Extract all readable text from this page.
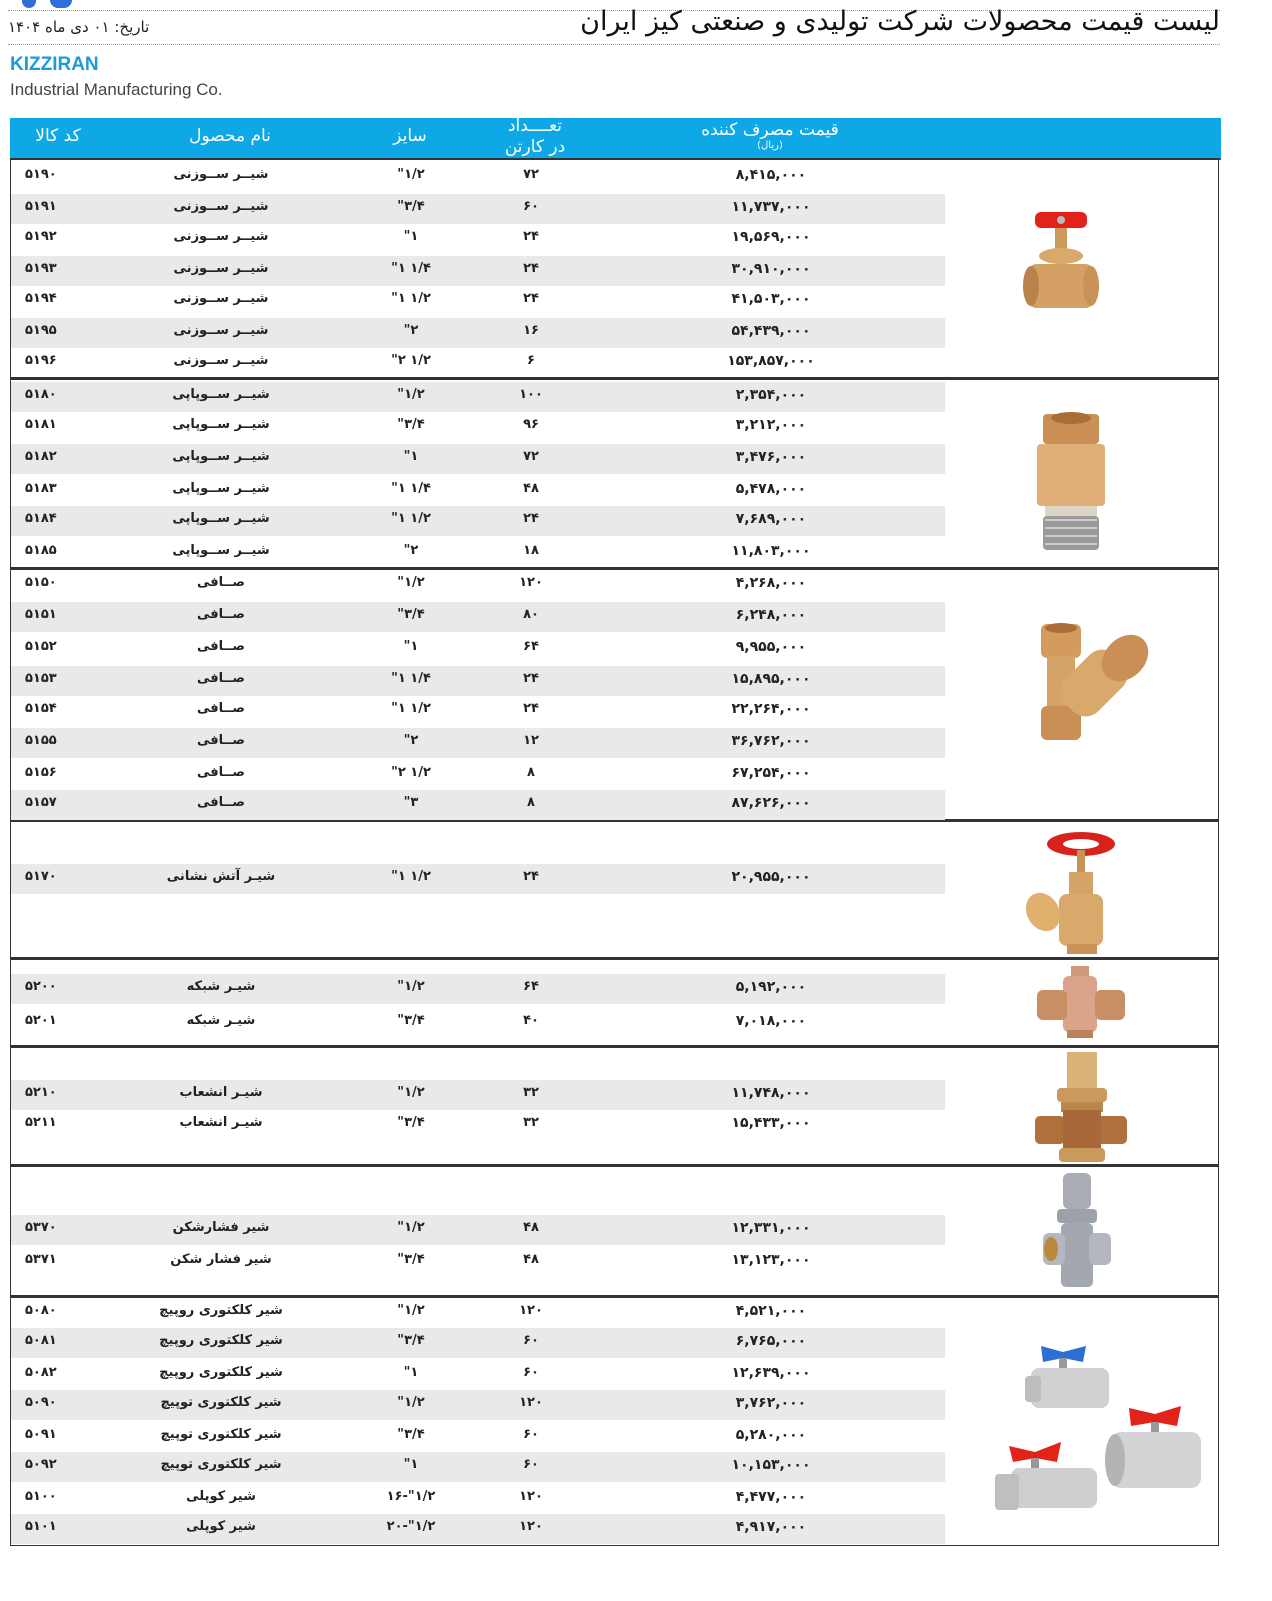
لیست قیمت محصولات شرکت تولیدی و صنعتی کیز ایران
تاریخ: ۰۱ دی ماه ۱۴۰۴
KIZZIRAN
Industrial Manufacturing Co.
کد کالا	نام محصول	سایز	تعــــداد
در کارتن
قیمت مصرف کننده
(ریال)
۵۱۹۰	شیــر ســوزنی	"۱/۲	۷۲	۸,۴۱۵,۰۰۰
۵۱۹۱	شیــر ســوزنی	"۳/۴	۶۰	۱۱,۷۳۷,۰۰۰
۵۱۹۲	شیــر ســوزنی	"۱	۲۴	۱۹,۵۶۹,۰۰۰
۵۱۹۳	شیــر ســوزنی	"۱ ۱/۴	۲۴	۳۰,۹۱۰,۰۰۰
۵۱۹۴	شیــر ســوزنی	"۱ ۱/۲	۲۴	۴۱,۵۰۳,۰۰۰
۵۱۹۵	شیــر ســوزنی	"۲	۱۶	۵۴,۴۳۹,۰۰۰
۵۱۹۶	شیــر ســوزنی	"۲ ۱/۲	۶	۱۵۳,۸۵۷,۰۰۰
۵۱۸۰	شیــر ســوپاپی	"۱/۲	۱۰۰	۲,۳۵۴,۰۰۰
۵۱۸۱	شیــر ســوپاپی	"۳/۴	۹۶	۳,۲۱۲,۰۰۰
۵۱۸۲	شیــر ســوپاپی	"۱	۷۲	۳,۴۷۶,۰۰۰
۵۱۸۳	شیــر ســوپاپی	"۱ ۱/۴	۴۸	۵,۴۷۸,۰۰۰
۵۱۸۴	شیــر ســوپاپی	"۱ ۱/۲	۲۴	۷,۶۸۹,۰۰۰
۵۱۸۵	شیــر ســوپاپی	"۲	۱۸	۱۱,۸۰۳,۰۰۰
۵۱۵۰	صــافی	"۱/۲	۱۲۰	۴,۲۶۸,۰۰۰
۵۱۵۱	صــافی	"۳/۴	۸۰	۶,۲۴۸,۰۰۰
۵۱۵۲	صــافی	"۱	۶۴	۹,۹۵۵,۰۰۰
۵۱۵۳	صــافی	"۱ ۱/۴	۲۴	۱۵,۸۹۵,۰۰۰
۵۱۵۴	صــافی	"۱ ۱/۲	۲۴	۲۲,۲۶۴,۰۰۰
۵۱۵۵	صــافی	"۲	۱۲	۳۶,۷۶۲,۰۰۰
۵۱۵۶	صــافی	"۲ ۱/۲	۸	۶۷,۲۵۴,۰۰۰
۵۱۵۷	صــافی	"۳	۸	۸۷,۶۲۶,۰۰۰
۵۱۷۰	شیـر آتش نشانی	"۱ ۱/۲	۲۴	۲۰,۹۵۵,۰۰۰
۵۲۰۰	شیـر شبکه	"۱/۲	۶۴	۵,۱۹۲,۰۰۰
۵۲۰۱	شیـر شبکه	"۳/۴	۴۰	۷,۰۱۸,۰۰۰
۵۲۱۰	شیـر انشعاب	"۱/۲	۳۲	۱۱,۷۴۸,۰۰۰
۵۲۱۱	شیـر انشعاب	"۳/۴	۳۲	۱۵,۴۳۳,۰۰۰
۵۳۷۰	شیر فشارشکن	"۱/۲	۴۸	۱۲,۳۳۱,۰۰۰
۵۳۷۱	شیر فشار شکن	"۳/۴	۴۸	۱۳,۱۲۳,۰۰۰
۵۰۸۰	شیر کلکتوری روپیچ	"۱/۲	۱۲۰	۴,۵۲۱,۰۰۰
۵۰۸۱	شیر کلکتوری روپیچ	"۳/۴	۶۰	۶,۷۶۵,۰۰۰
۵۰۸۲	شیر کلکتوری روپیچ	"۱	۶۰	۱۲,۶۳۹,۰۰۰
۵۰۹۰	شیر کلکتوری توپیچ	"۱/۲	۱۲۰	۳,۷۶۲,۰۰۰
۵۰۹۱	شیر کلکتوری توپیچ	"۳/۴	۶۰	۵,۲۸۰,۰۰۰
۵۰۹۲	شیر کلکتوری توپیچ	"۱	۶۰	۱۰,۱۵۳,۰۰۰
۵۱۰۰	شیر کوپلی	۱۶-"۱/۲	۱۲۰	۴,۴۷۷,۰۰۰
۵۱۰۱	شیر کوپلی	۲۰-"۱/۲	۱۲۰	۴,۹۱۷,۰۰۰
